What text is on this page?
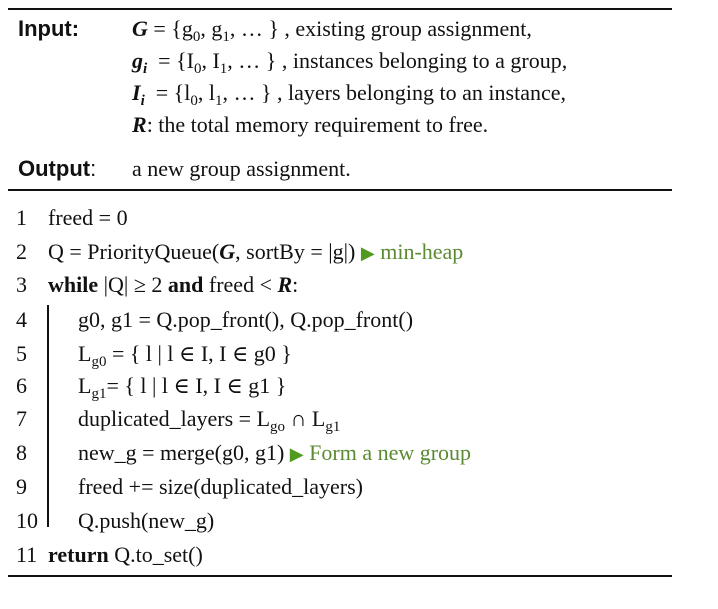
Input: $G = \{g_0$, $g_1$, … } , existing group assignment,
$g_i = \{I_0$, $I_1$, … } , instances belonging to a group,
$I_i = \{l_0$, $l_1$, … } , layers belonging to an instance,
R: the total memory requirement to free.
Output: a new group assignment.
1 freed = 0
2 Q = PriorityQueue(G, sortBy = |g|) ▶ min-heap
3 while |Q| ≥ 2 and freed < R:
4	g0, g1 = Q.pop_front(), Q.pop_front()
5	$L_{g0}$ = { l | l ∈ I, I ∈ g0 }
6	$L_{g1}=$ { l | l ∈ I, I ∈ g1 }
7	duplicated_layers = $L_{go}$ ∩ $L_{g1}$
8	new_g = merge(g0, g1) ▶ Form a new group
9	freed += size(duplicated_layers)
10 Q.push(new_g)
11 return Q.to_set()
